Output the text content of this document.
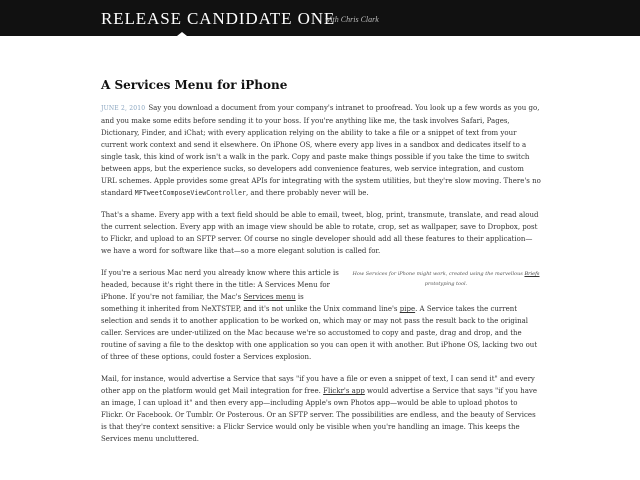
RELEASE CANDIDATE ONE
with Chris Clark
A Services Menu for iPhone

JUNE 2, 2010 Say you download a document from your company's intranet to proofread. You look up a few words as you go, and you make some edits before sending it to your boss. If you're anything like me, the task involves Safari, Pages, Dictionary, Finder, and iChat; with every application relying on the ability to take a file or a snippet of text from your current work context and send it elsewhere. On iPhone OS, where every app lives in a sandbox and dedicates itself to a single task, this kind of work isn't a walk in the park. Copy and paste make things possible if you take the time to switch between apps, but the experience sucks, so developers add convenience features, web service integration, and custom URL schemes. Apple provides some great APIs for integrating with the system utilities, but they're slow moving. There's no standard MFTweetComposeViewController, and there probably never will be.

That's a shame. Every app with a text field should be able to email, tweet, blog, print, transmute, translate, and read aloud the current selection. Every app with an image view should be able to rotate, crop, set as wallpaper, save to Dropbox, post to Flickr, and upload to an SFTP server. Of course no single developer should add all these features to their application—we have a word for software like that—so a more elegant solution is called for.

How Services for iPhone might work, created using the marvellous Briefs prototyping tool.

If you're a serious Mac nerd you already know where this article is headed, because it's right there in the title: A Services Menu for iPhone. If you're not familiar, the Mac's Services menu is something it inherited from NeXTSTEP, and it's not unlike the Unix command line's pipe. A Service takes the current selection and sends it to another application to be worked on, which may or may not pass the result back to the original caller. Services are under-utilized on the Mac because we're so accustomed to copy and paste, drag and drop, and the routine of saving a file to the desktop with one application so you can open it with another. But iPhone OS, lacking two out of three of these options, could foster a Services explosion.

Mail, for instance, would advertise a Service that says "if you have a file or even a snippet of text, I can send it" and every other app on the platform would get Mail integration for free. Flickr's app would advertise a Service that says "if you have an image, I can upload it" and then every app—including Apple's own Photos app—would be able to upload photos to Flickr. Or Facebook. Or Tumblr. Or Posterous. Or an SFTP server. The possibilities are endless, and the beauty of Services is that they're context sensitive: a Flickr Service would only be visible when you're handling an image. This keeps the Services menu uncluttered.
